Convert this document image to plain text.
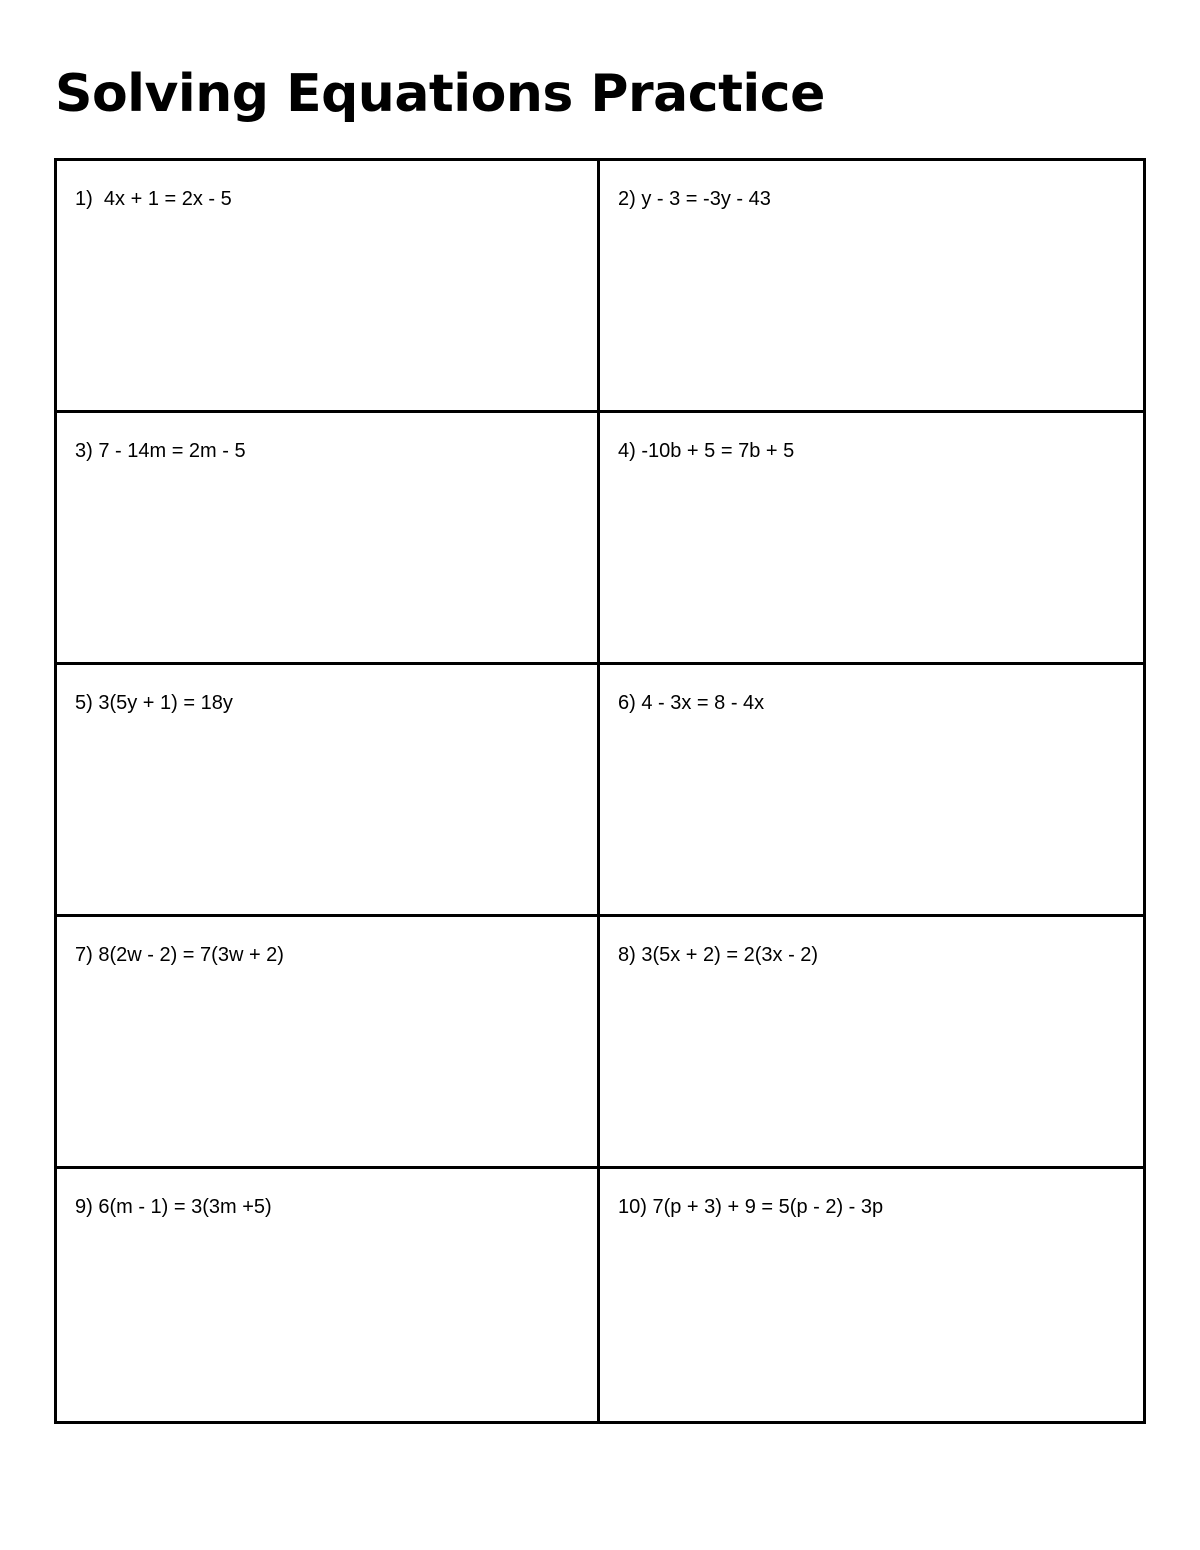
Solving Equations Practice
1)  4x + 1 = 2x - 5	2) y - 3 = -3y - 43
3) 7 - 14m = 2m - 5	4) -10b + 5 = 7b + 5
5) 3(5y + 1) = 18y	6) 4 - 3x = 8 - 4x
7) 8(2w - 2) = 7(3w + 2)	8) 3(5x + 2) = 2(3x - 2)
9) 6(m - 1) = 3(3m +5)	10) 7(p + 3) + 9 = 5(p - 2) - 3p
